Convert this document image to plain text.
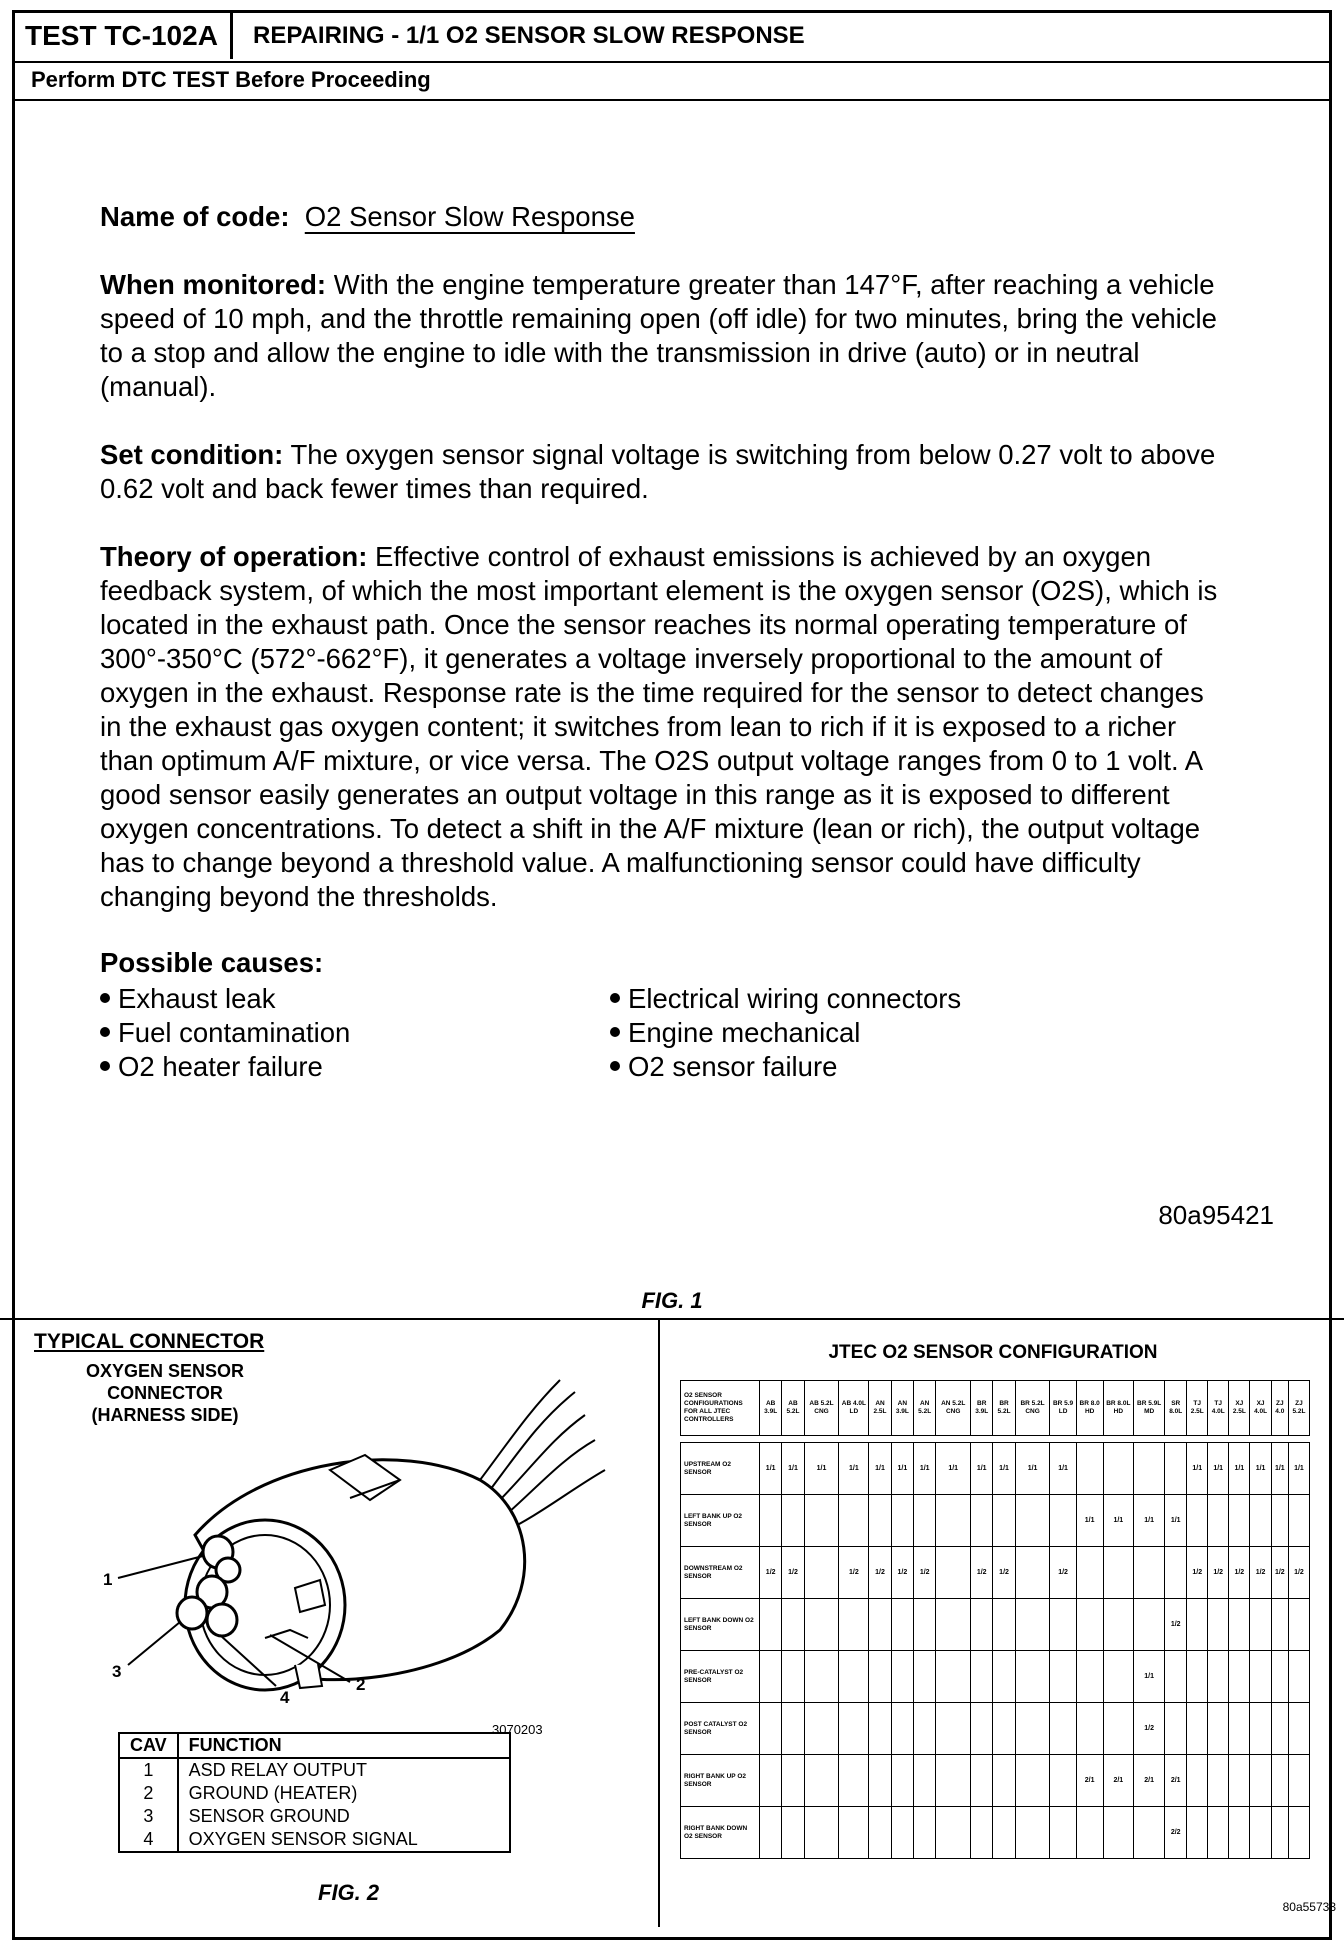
TEST TC-102A	REPAIRING - 1/1 O2 SENSOR SLOW RESPONSE
Perform DTC TEST Before Proceeding

Name of code: O2 Sensor Slow Response

When monitored: With the engine temperature greater than 147°F, after reaching a vehicle speed of 10 mph, and the throttle remaining open (off idle) for two minutes, bring the vehicle to a stop and allow the engine to idle with the transmission in drive (auto) or in neutral (manual).

Set condition: The oxygen sensor signal voltage is switching from below 0.27 volt to above 0.62 volt and back fewer times than required.

Theory of operation: Effective control of exhaust emissions is achieved by an oxygen feedback system, of which the most important element is the oxygen sensor (O2S), which is located in the exhaust path. Once the sensor reaches its normal operating temperature of 300°-350°C (572°-662°F), it generates a voltage inversely proportional to the amount of oxygen in the exhaust. Response rate is the time required for the sensor to detect changes in the exhaust gas oxygen content; it switches from lean to rich if it is exposed to a richer than optimum A/F mixture, or vice versa. The O2S output voltage ranges from 0 to 1 volt. A good sensor easily generates an output voltage in this range as it is exposed to different oxygen concentrations. To detect a shift in the A/F mixture (lean or rich), the output voltage has to change beyond a threshold value. A malfunctioning sensor could have difficulty changing beyond the thresholds.

Possible causes:
Exhaust leak
Fuel contamination
O2 heater failure
Electrical wiring connectors
Engine mechanical
O2 sensor failure
80a95421
FIG. 1
TYPICAL CONNECTOR
OXYGEN SENSOR
CONNECTOR
(HARNESS SIDE)
1
2
3
4
3070203
CAV	FUNCTION
1	ASD RELAY OUTPUT
2	GROUND (HEATER)
3	SENSOR GROUND
4	OXYGEN SENSOR SIGNAL
FIG. 2
JTEC O2 SENSOR CONFIGURATION
O2 SENSOR CONFIGURATIONS FOR ALL JTEC CONTROLLERS	AB 3.9L	AB 5.2L	AB 5.2L CNG	AB 4.0L LD	AN 2.5L	AN 3.9L	AN 5.2L	AN 5.2L CNG	BR 3.9L	BR 5.2L	BR 5.2L CNG	BR 5.9 LD	BR 8.0 HD	BR 8.0L HD	BR 5.9L MD	SR 8.0L	TJ 2.5L	TJ 4.0L	XJ 2.5L	XJ 4.0L	ZJ 4.0	ZJ 5.2L

UPSTREAM O2 SENSOR	1/1	1/1	1/1	1/1	1/1	1/1	1/1	1/1	1/1	1/1	1/1	1/1					1/1	1/1	1/1	1/1	1/1	1/1
LEFT BANK UP O2 SENSOR													1/1	1/1	1/1	1/1						
DOWNSTREAM O2 SENSOR	1/2	1/2		1/2	1/2	1/2	1/2		1/2	1/2		1/2					1/2	1/2	1/2	1/2	1/2	1/2
LEFT BANK DOWN O2 SENSOR																1/2						
PRE-CATALYST O2 SENSOR															1/1							
POST CATALYST O2 SENSOR															1/2							
RIGHT BANK UP O2 SENSOR													2/1	2/1	2/1	2/1						
RIGHT BANK DOWN O2 SENSOR																2/2						
80a55733
